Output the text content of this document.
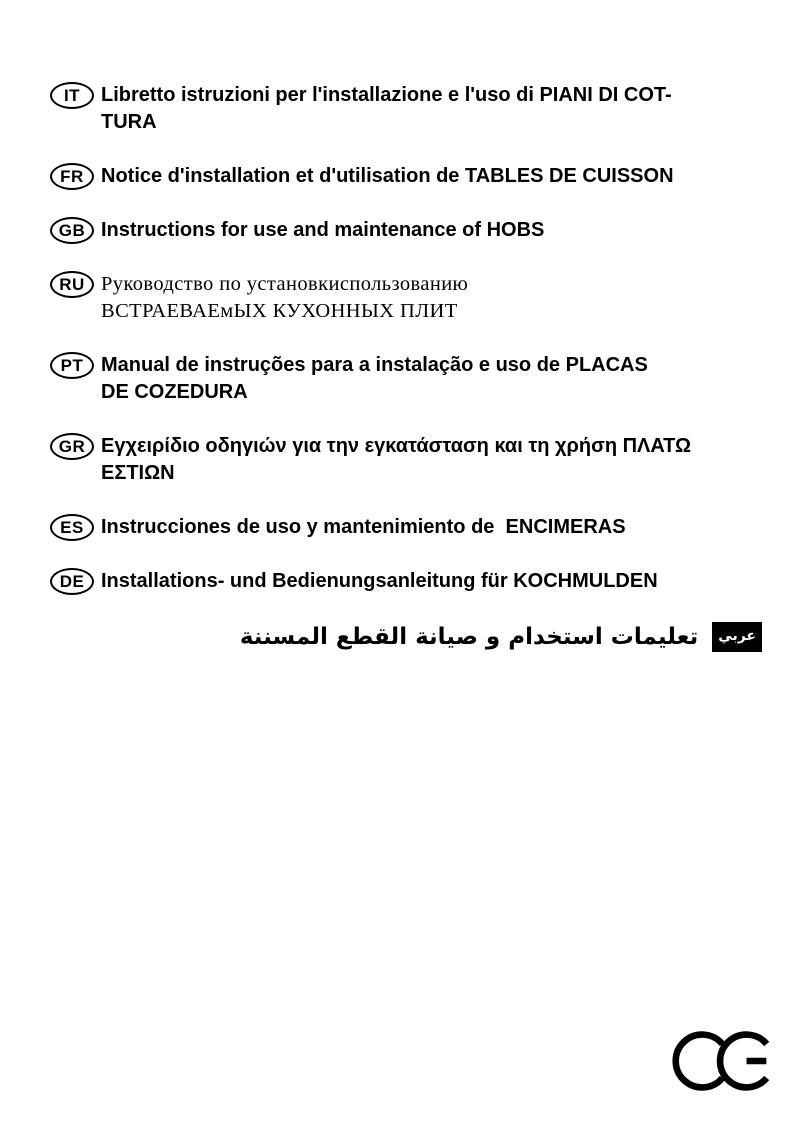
IT	Libretto istruzioni per l'installazione e l'uso di PIANI DI COT-
TURA
FR Notice d'installation et d'utilisation de TABLES DE CUISSON
GB Instructions for use and maintenance of HOBS
RU Руководство по установкиспользованию
ВСТРАЕВАЕмЫХ КУХОННЫХ ПЛИТ
PT Manual de instruções para a instalação e uso de PLACAS
DE COZEDURA
GR Εγχειρίδιο οδηγιών για την εγκατάσταση και τη χρήση ΠΛΑΤΩ
ΕΣΤΙΩΝ
ES Instrucciones de uso y mantenimiento de  ENCIMERAS
DE Installations- und Bedienungsanleitung für KOCHMULDEN
عربي
تعليمات استخدام و صيانة القطع المسننة
